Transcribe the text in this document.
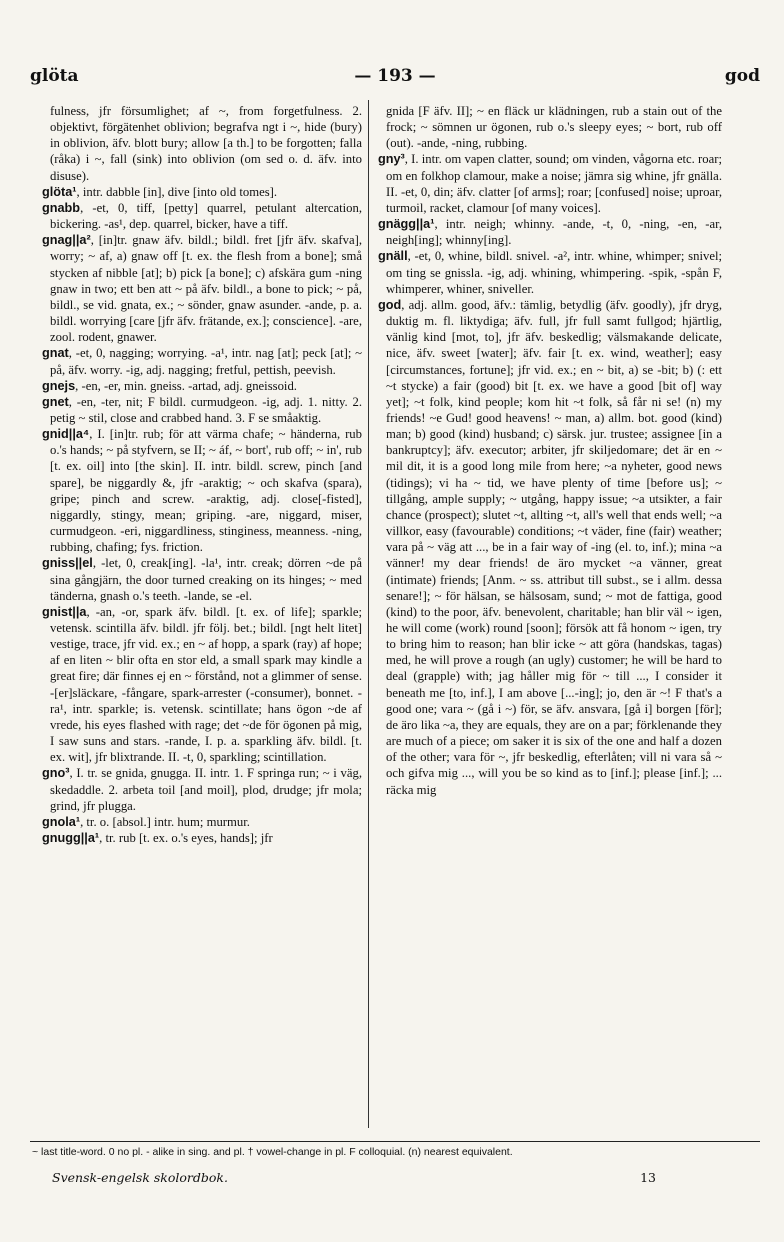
glöta	— 193 —	god

fulness, jfr försumlighet; af ~, from forgetfulness. 2. objektivt, förgätenhet oblivion; begrafva ngt i ~, hide (bury) in oblivion, äfv. blott bury; allow [a th.] to be forgotten; falla (råka) i ~, fall (sink) into oblivion (om sed o. d. äfv. into disuse).

glöta¹, intr. dabble [in], dive [into old tomes].

gnabb, -et, 0, tiff, [petty] quarrel, petulant altercation, bickering. -as¹, dep. quarrel, bicker, have a tiff.

gnag||a², [in]tr. gnaw äfv. bildl.; bildl. fret [jfr äfv. skafva], worry; ~ af, a) gnaw off [t. ex. the flesh from a bone]; små stycken af nibble [at]; b) pick [a bone]; c) afskära gum -ning gnaw in two; ett ben att ~ på äfv. bildl., a bone to pick; ~ på, bildl., se vid. gnata, ex.; ~ sönder, gnaw asunder. -ande, p. a. bildl. worrying [care [jfr äfv. frätande, ex.]; conscience]. -are, zool. rodent, gnawer.

gnat, -et, 0, nagging; worrying. -a¹, intr. nag [at]; peck [at]; ~ på, äfv. worry. -ig, adj. nagging; fretful, pettish, peevish.

gnejs, -en, -er, min. gneiss. -artad, adj. gneissoid.

gnet, -en, -ter, nit; F bildl. curmudgeon. -ig, adj. 1. nitty. 2. petig ~ stil, close and crabbed hand. 3. F se småaktig.

gnid||a⁴, I. [in]tr. rub; för att värma chafe; ~ händerna, rub o.'s hands; ~ på styfvern, se II; ~ áf, ~ bort', rub off; ~ in', rub [t. ex. oil] into [the skin]. II. intr. bildl. screw, pinch [and spare], be niggardly &, jfr -araktig; ~ och skafva (spara), gripe; pinch and screw. -araktig, adj. close[-fisted], niggardly, stingy, mean; griping. -are, niggard, miser, curmudgeon. -eri, niggardliness, stinginess, meanness. -ning, rubbing, chafing; fys. friction.

gniss||el, -let, 0, creak[ing]. -la¹, intr. creak; dörren ~de på sina gångjärn, the door turned creaking on its hinges; ~ med tänderna, gnash o.'s teeth. -lande, se -el.

gnist||a, -an, -or, spark äfv. bildl. [t. ex. of life]; sparkle; vetensk. scintilla äfv. bildl. jfr följ. bet.; bildl. [ngt helt litet] vestige, trace, jfr vid. ex.; en ~ af hopp, a spark (ray) af hope; af en liten ~ blir ofta en stor eld, a small spark may kindle a great fire; där finnes ej en ~ förstånd, not a glimmer of sense. -[er]släckare, -fångare, spark-arrester (-consumer), bonnet. -ra¹, intr. sparkle; is. vetensk. scintillate; hans ögon ~de af vrede, his eyes flashed with rage; det ~de för ögonen på mig, I saw suns and stars. -rande, I. p. a. sparkling äfv. bildl. [t. ex. wit], jfr blixtrande. II. -t, 0, sparkling; scintillation.

gno³, I. tr. se gnida, gnugga. II. intr. 1. F springa run; ~ i väg, skedaddle. 2. arbeta toil [and moil], plod, drudge; jfr mola; grind, jfr plugga.

gnola¹, tr. o. [absol.] intr. hum; murmur.

gnugg||a¹, tr. rub [t. ex. o.'s eyes, hands]; jfr

gnida [F äfv. II]; ~ en fläck ur klädningen, rub a stain out of the frock; ~ sömnen ur ögonen, rub o.'s sleepy eyes; ~ bort, rub off (out). -ande, -ning, rubbing.

gny³, I. intr. om vapen clatter, sound; om vinden, vågorna etc. roar; om en folkhop clamour, make a noise; jämra sig whine, jfr gnälla. II. -et, 0, din; äfv. clatter [of arms]; roar; [confused] noise; uproar, turmoil, racket, clamour [of many voices].

gnägg||a¹, intr. neigh; whinny. -ande, -t, 0, -ning, -en, -ar, neigh[ing]; whinny[ing].

gnäll, -et, 0, whine, bildl. snivel. -a², intr. whine, whimper; snivel; om ting se gnissla. -ig, adj. whining, whimpering. -spik, -spån F, whimperer, whiner, sniveller.

god, adj. allm. good, äfv.: tämlig, betydlig (äfv. goodly), jfr dryg, duktig m. fl. liktydiga; äfv. full, jfr full samt fullgod; hjärtlig, vänlig kind [mot, to], jfr äfv. beskedlig; välsmakande delicate, nice, äfv. sweet [water]; äfv. fair [t. ex. wind, weather]; easy [circumstances, fortune]; jfr vid. ex.; en ~ bit, a) se -bit; b) (: ett ~t stycke) a fair (good) bit [t. ex. we have a good [bit of] way yet]; ~t folk, kind people; kom hit ~t folk, så får ni se! (n) my friends! ~e Gud! good heavens! ~ man, a) allm. bot. good (kind) man; b) good (kind) husband; c) särsk. jur. trustee; assignee [in a bankruptcy]; äfv. executor; arbiter, jfr skiljedomare; det är en ~ mil dit, it is a good long mile from here; ~a nyheter, good news (tidings); vi ha ~ tid, we have plenty of time [before us]; ~ tillgång, ample supply; ~ utgång, happy issue; ~a utsikter, a fair chance (prospect); slutet ~t, allting ~t, all's well that ends well; ~a villkor, easy (favourable) conditions; ~t väder, fine (fair) weather; vara på ~ väg att ..., be in a fair way of -ing (el. to, inf.); mina ~a vänner! my dear friends! de äro mycket ~a vänner, great (intimate) friends; [Anm. ~ ss. attribut till subst., se i allm. dessa senare!]; ~ för hälsan, se hälsosam, sund; ~ mot de fattiga, good (kind) to the poor, äfv. benevolent, charitable; han blir väl ~ igen, he will come (work) round [soon]; försök att få honom ~ igen, try to bring him to reason; han blir icke ~ att göra (handskas, tagas) med, he will prove a rough (an ugly) customer; he will be hard to deal (grapple) with; jag håller mig för ~ till ..., I consider it beneath me [to, inf.], I am above [...-ing]; jo, den är ~! F that's a good one; vara ~ (gå i ~) för, se äfv. ansvara, [gå i] borgen [för]; de äro lika ~a, they are equals, they are on a par; förklenande they are much of a piece; om saker it is six of the one and half a dozen of the other; vara för ~, jfr beskedlig, efterlåten; vill ni vara så ~ och gifva mig ..., will you be so kind as to [inf.]; please [inf.]; ... räcka mig

~ last title-word. 0 no pl. - alike in sing. and pl. † vowel-change in pl. F colloquial. (n) nearest equivalent.
Svensk-engelsk skolordbok.	13
